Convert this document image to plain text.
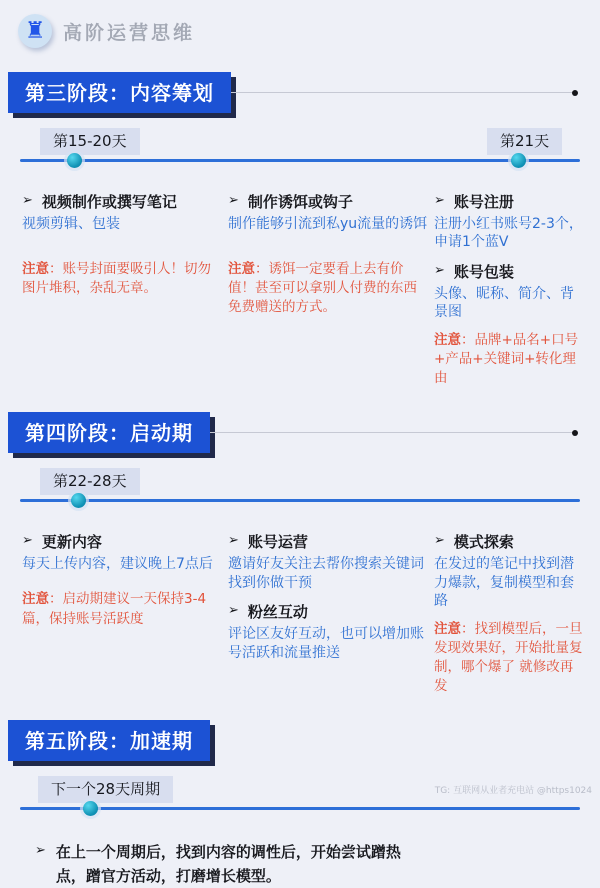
♜ 高阶运营思维
第三阶段：内容筹划
第15-20天	第21天
➢ 视频制作或撰写笔记
视频剪辑、包装
注意：账号封面要吸引人！切勿图片堆积，杂乱无章。
➢ 制作诱饵或钩子
制作能够引流到私yu流量的诱饵
注意：诱饵一定要看上去有价值！甚至可以拿别人付费的东西免费赠送的方式。
➢ 账号注册
注册小红书账号2-3个，申请1个蓝V
➢ 账号包装
头像、昵称、简介、背景图
注意：品牌+品名+口号+产品+关键词+转化理由
第四阶段：启动期
第22-28天
➢ 更新内容
每天上传内容，建议晚上7点后
注意：启动期建议一天保持3-4篇，保持账号活跃度
➢ 账号运营
邀请好友关注去帮你搜索关键词找到你做干预
➢ 粉丝互动
评论区友好互动，也可以增加账号活跃和流量推送
➢ 模式探索
在发过的笔记中找到潜力爆款，复制模型和套路
注意：找到模型后，一旦发现效果好，开始批量复制，哪个爆了 就修改再发
第五阶段：加速期
下一个28天周期
➢ 在上一个周期后，找到内容的调性后，开始尝试蹭热点，蹭官方活动，打磨增长模型。
TG: 互联网从业者充电站 @https1024
